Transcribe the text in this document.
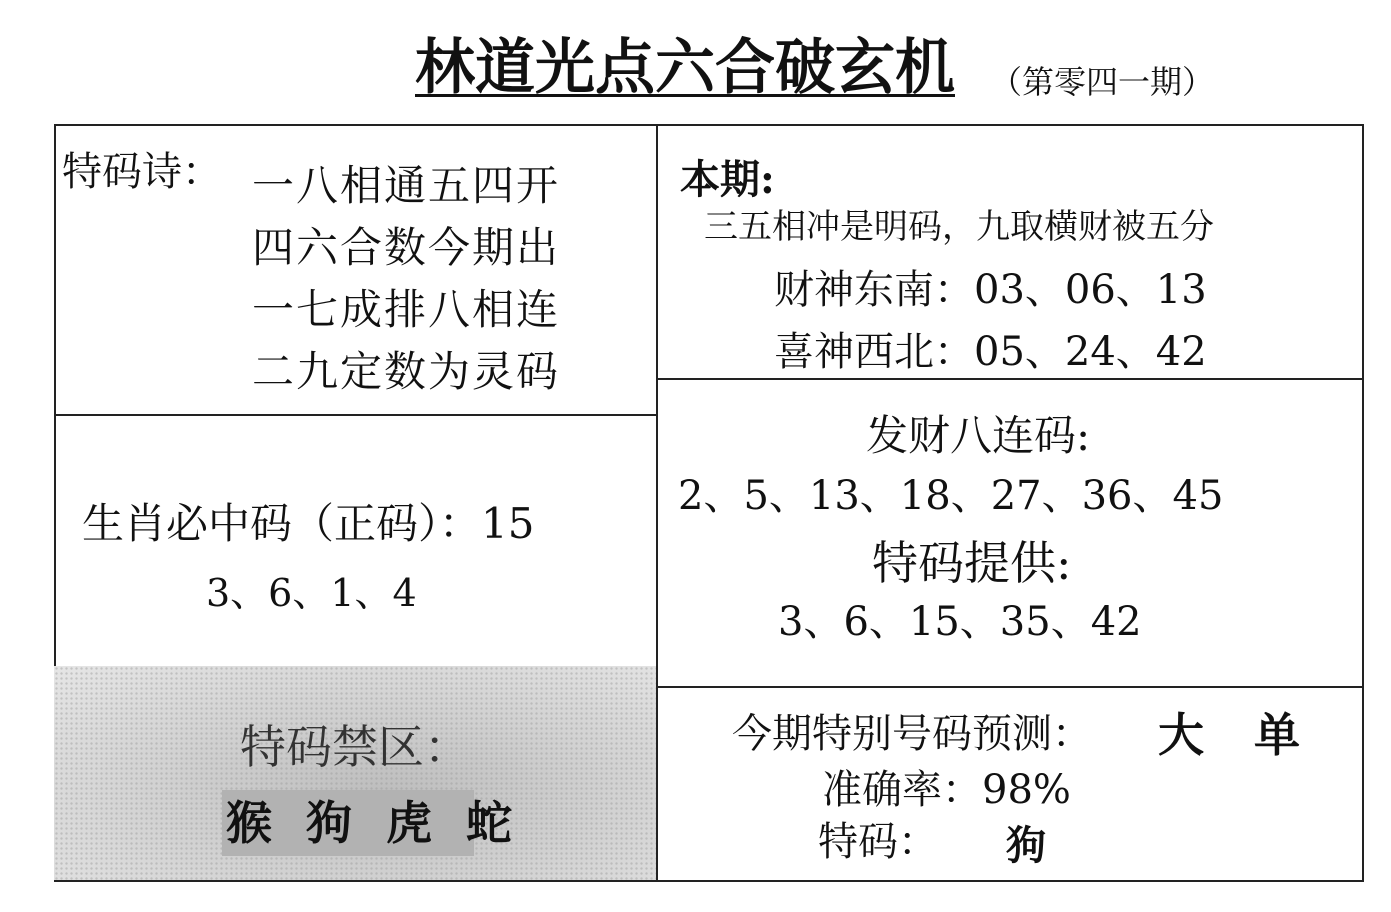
林道光点六合破玄机 （第零四一期）
特码诗： 一八相通五四开
四六合数今期出
一七成排八相连
二九定数为灵码
生肖必中码（正码）：15
3、6、1、4
特码禁区：
猴 狗 虎 蛇
本期:
三五相冲是明码，九取横财被五分
财神东南：03、06、13
喜神西北：05、24、42
发财八连码:
2、5、13、18、27、36、45
特码提供:
3、6、15、35、42
今期特别号码预测： 大 单
准确率：98%
特码： 狗
